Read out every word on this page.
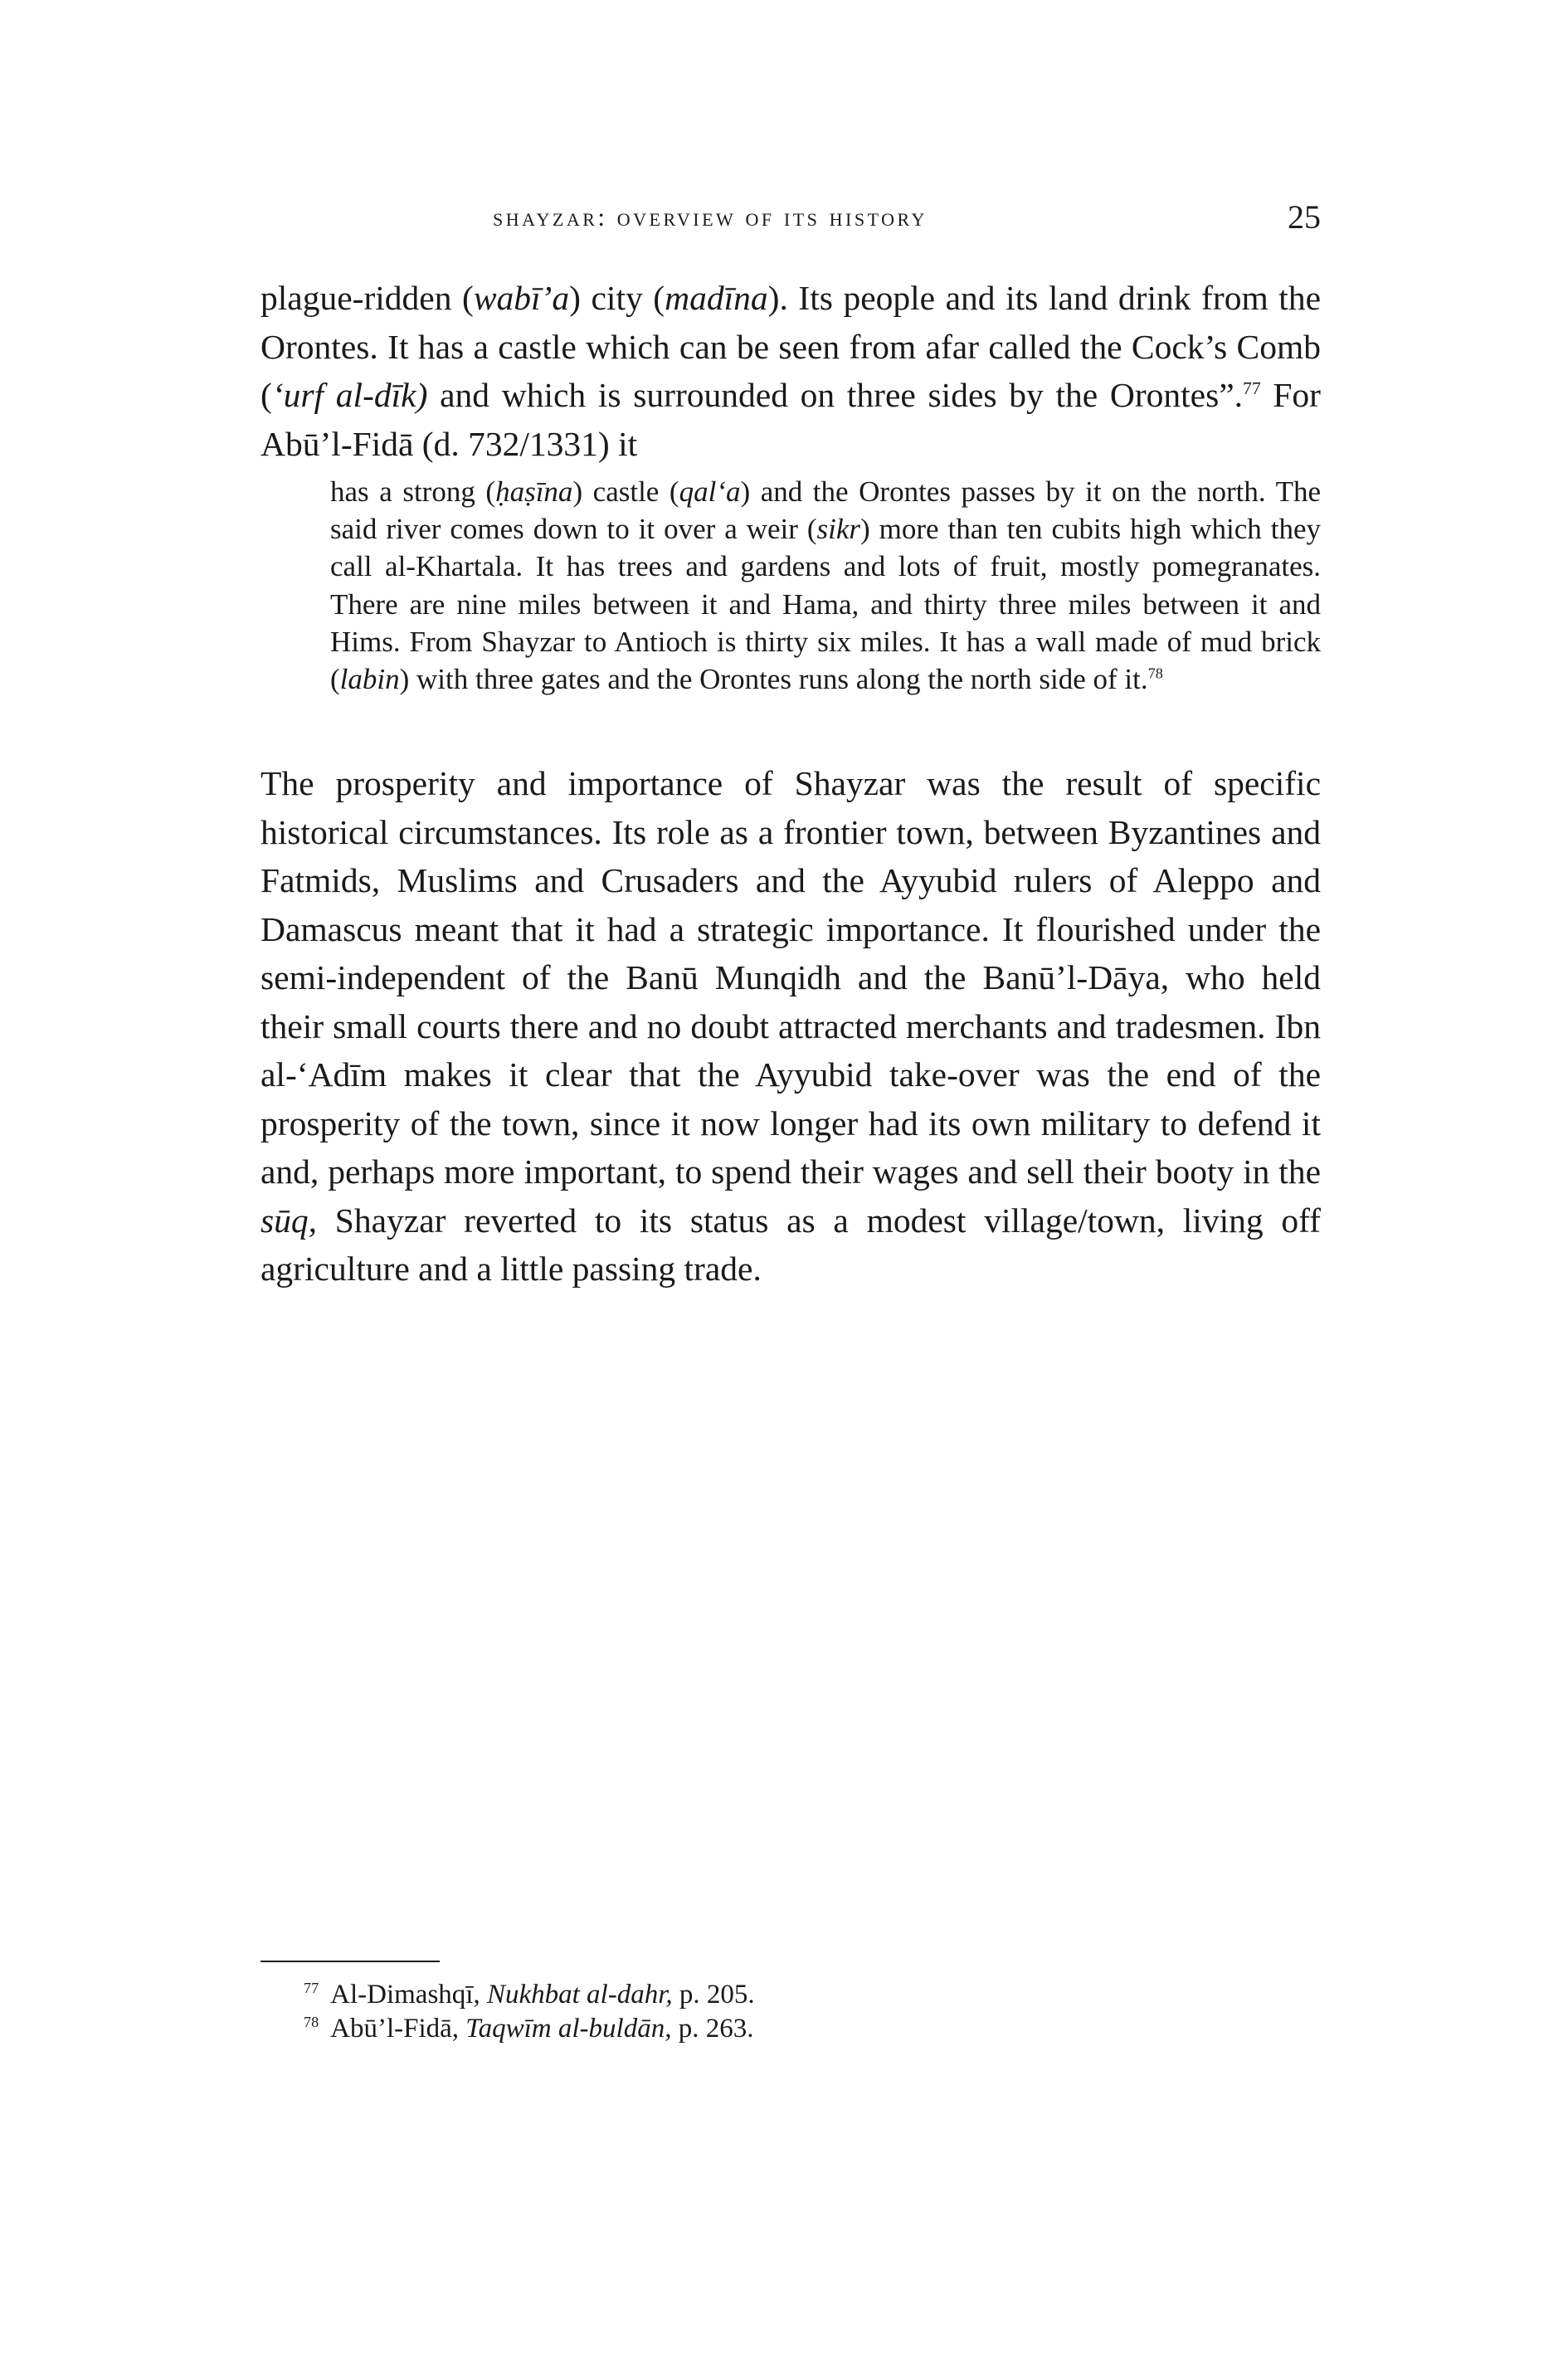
shayzar: overview of its history	25

plague-ridden (wabī’a) city (madīna). Its people and its land drink from the Orontes. It has a castle which can be seen from afar called the Cock’s Comb (‘urf al-dīk) and which is surrounded on three sides by the Orontes”.$^{77}$ For Abū’l-Fidā (d. 732/1331) it

has a strong (ḥaṣīna) castle (qal‘a) and the Orontes passes by it on the north. The said river comes down to it over a weir (sikr) more than ten cubits high which they call al-Khartala. It has trees and gardens and lots of fruit, mostly pomegranates. There are nine miles between it and Hama, and thirty three miles between it and Hims. From Shayzar to Antioch is thirty six miles. It has a wall made of mud brick (labin) with three gates and the Orontes runs along the north side of it.$^{78}$

The prosperity and importance of Shayzar was the result of specific historical circumstances. Its role as a frontier town, between Byzantines and Fatmids, Muslims and Crusaders and the Ayyubid rulers of Aleppo and Damascus meant that it had a strategic importance. It flourished under the semi-independent of the Banū Munqidh and the Banū’l-Dāya, who held their small courts there and no doubt attracted merchants and tradesmen. Ibn al-‘Adīm makes it clear that the Ayyubid take-over was the end of the prosperity of the town, since it now longer had its own military to defend it and, perhaps more important, to spend their wages and sell their booty in the sūq, Shayzar reverted to its status as a modest village/town, living off agriculture and a little passing trade.

$^{77}$ Al-Dimashqī, Nukhbat al-dahr, p. 205.

$^{78}$ Abū’l-Fidā, Taqwīm al-buldān, p. 263.
